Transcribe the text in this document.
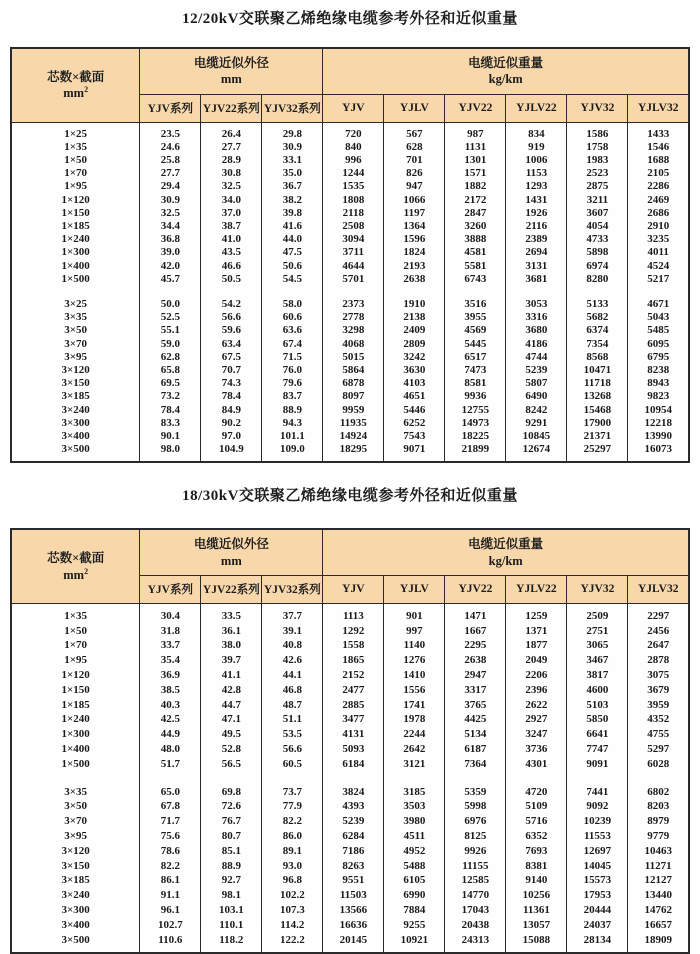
12/20kV交联聚乙烯绝缘电缆参考外径和近似重量
芯数×截面
$mm^2$	电缆近似外径
mm			电缆近似重量
kg/km					
	YJV系列	YJV22系列	YJV32系列	YJV	YJLV	YJV22	YJLV22	YJV32	YJLV32
1×25	23.5	26.4	29.8	720	567	987	834	1586	1433
1×35	24.6	27.7	30.9	840	628	1131	919	1758	1546
1×50	25.8	28.9	33.1	996	701	1301	1006	1983	1688
1×70	27.7	30.8	35.0	1244	826	1571	1153	2523	2105
1×95	29.4	32.5	36.7	1535	947	1882	1293	2875	2286
1×120	30.9	34.0	38.2	1808	1066	2172	1431	3211	2469
1×150	32.5	37.0	39.8	2118	1197	2847	1926	3607	2686
1×185	34.4	38.7	41.6	2508	1364	3260	2116	4054	2910
1×240	36.8	41.0	44.0	3094	1596	3888	2389	4733	3235
1×300	39.0	43.5	47.5	3711	1824	4581	2694	5898	4011
1×400	42.0	46.6	50.6	4644	2193	5581	3131	6974	4524
1×500	45.7	50.5	54.5	5701	2638	6743	3681	8280	5217

3×25	50.0	54.2	58.0	2373	1910	3516	3053	5133	4671
3×35	52.5	56.6	60.6	2778	2138	3955	3316	5682	5043
3×50	55.1	59.6	63.6	3298	2409	4569	3680	6374	5485
3×70	59.0	63.4	67.4	4068	2809	5445	4186	7354	6095
3×95	62.8	67.5	71.5	5015	3242	6517	4744	8568	6795
3×120	65.8	70.7	76.0	5864	3630	7473	5239	10471	8238
3×150	69.5	74.3	79.6	6878	4103	8581	5807	11718	8943
3×185	73.2	78.4	83.7	8097	4651	9936	6490	13268	9823
3×240	78.4	84.9	88.9	9959	5446	12755	8242	15468	10954
3×300	83.3	90.2	94.3	11935	6252	14973	9291	17900	12218
3×400	90.1	97.0	101.1	14924	7543	18225	10845	21371	13990
3×500	98.0	104.9	109.0	18295	9071	21899	12674	25297	16073
18/30kV交联聚乙烯绝缘电缆参考外径和近似重量
芯数×截面
$mm^2$	电缆近似外径
mm			电缆近似重量
kg/km					
	YJV系列	YJV22系列	YJV32系列	YJV	YJLV	YJV22	YJLV22	YJV32	YJLV32
1×35	30.4	33.5	37.7	1113	901	1471	1259	2509	2297
1×50	31.8	36.1	39.1	1292	997	1667	1371	2751	2456
1×70	33.7	38.0	40.8	1558	1140	2295	1877	3065	2647
1×95	35.4	39.7	42.6	1865	1276	2638	2049	3467	2878
1×120	36.9	41.1	44.1	2152	1410	2947	2206	3817	3075
1×150	38.5	42.8	46.8	2477	1556	3317	2396	4600	3679
1×185	40.3	44.7	48.7	2885	1741	3765	2622	5103	3959
1×240	42.5	47.1	51.1	3477	1978	4425	2927	5850	4352
1×300	44.9	49.5	53.5	4131	2244	5134	3247	6641	4755
1×400	48.0	52.8	56.6	5093	2642	6187	3736	7747	5297
1×500	51.7	56.5	60.5	6184	3121	7364	4301	9091	6028

3×35	65.0	69.8	73.7	3824	3185	5359	4720	7441	6802
3×50	67.8	72.6	77.9	4393	3503	5998	5109	9092	8203
3×70	71.7	76.7	82.2	5239	3980	6976	5716	10239	8979
3×95	75.6	80.7	86.0	6284	4511	8125	6352	11553	9779
3×120	78.6	85.1	89.1	7186	4952	9926	7693	12697	10463
3×150	82.2	88.9	93.0	8263	5488	11155	8381	14045	11271
3×185	86.1	92.7	96.8	9551	6105	12585	9140	15573	12127
3×240	91.1	98.1	102.2	11503	6990	14770	10256	17953	13440
3×300	96.1	103.1	107.3	13566	7884	17043	11361	20444	14762
3×400	102.7	110.1	114.2	16636	9255	20438	13057	24037	16657
3×500	110.6	118.2	122.2	20145	10921	24313	15088	28134	18909
